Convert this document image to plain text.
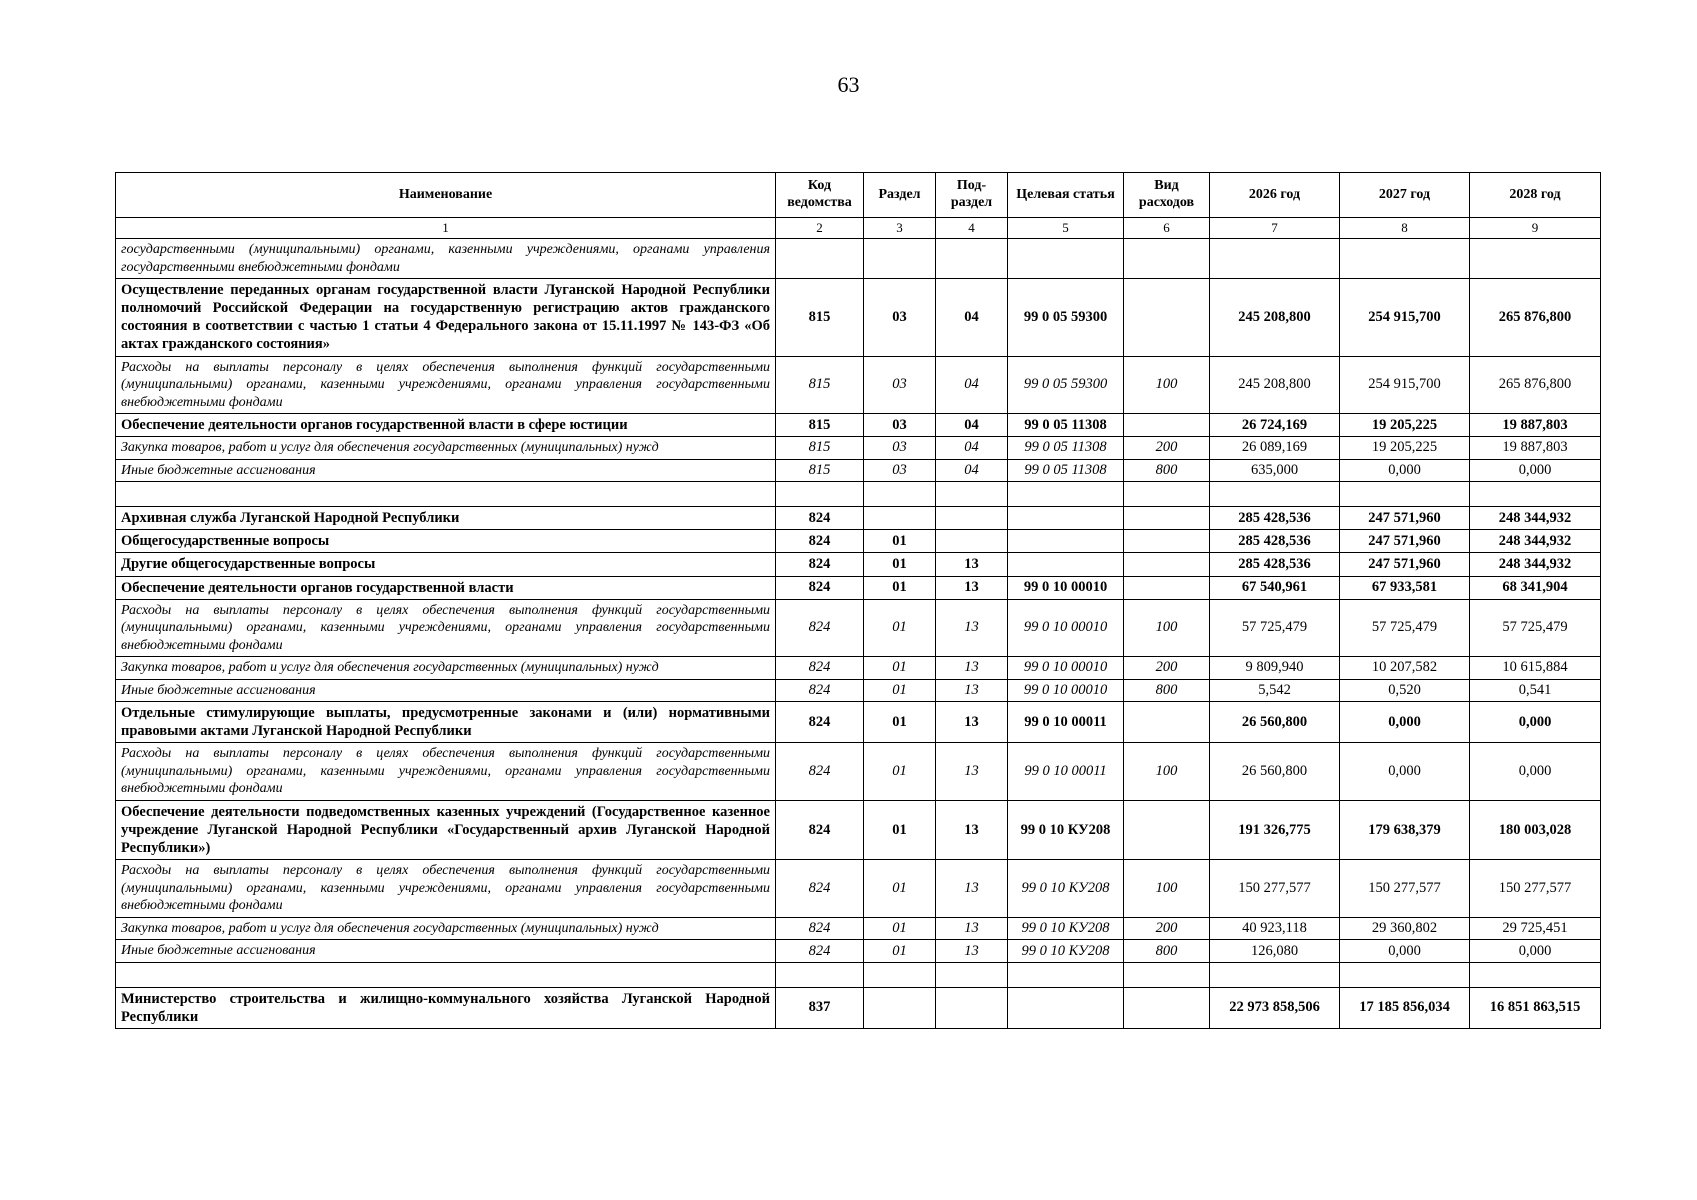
63
Наименование	Код ведомства	Раздел	Под-раздел	Целевая статья	Вид расходов	2026 год	2027 год	2028 год
1	2	3	4	5	6	7	8	9
государственными (муниципальными) органами, казенными учреждениями, органами управления государственными внебюджетными фондами								
Осуществление переданных органам государственной власти Луганской Народной Республики полномочий Российской Федерации на государственную регистрацию актов гражданского состояния в соответствии с частью 1 статьи 4 Федерального закона от 15.11.1997 № 143-ФЗ «Об актах гражданского состояния»	815	03	04	99 0 05 59300		245 208,800	254 915,700	265 876,800
Расходы на выплаты персоналу в целях обеспечения выполнения функций государственными (муниципальными) органами, казенными учреждениями, органами управления государственными внебюджетными фондами	815	03	04	99 0 05 59300	100	245 208,800	254 915,700	265 876,800
Обеспечение деятельности органов государственной власти в сфере юстиции	815	03	04	99 0 05 11308		26 724,169	19 205,225	19 887,803
Закупка товаров, работ и услуг для обеспечения государственных (муниципальных) нужд	815	03	04	99 0 05 11308	200	26 089,169	19 205,225	19 887,803
Иные бюджетные ассигнования	815	03	04	99 0 05 11308	800	635,000	0,000	0,000

Архивная служба Луганской Народной Республики	824					285 428,536	247 571,960	248 344,932
Общегосударственные вопросы	824	01				285 428,536	247 571,960	248 344,932
Другие общегосударственные вопросы	824	01	13			285 428,536	247 571,960	248 344,932
Обеспечение деятельности органов государственной власти	824	01	13	99 0 10 00010		67 540,961	67 933,581	68 341,904
Расходы на выплаты персоналу в целях обеспечения выполнения функций государственными (муниципальными) органами, казенными учреждениями, органами управления государственными внебюджетными фондами	824	01	13	99 0 10 00010	100	57 725,479	57 725,479	57 725,479
Закупка товаров, работ и услуг для обеспечения государственных (муниципальных) нужд	824	01	13	99 0 10 00010	200	9 809,940	10 207,582	10 615,884
Иные бюджетные ассигнования	824	01	13	99 0 10 00010	800	5,542	0,520	0,541
Отдельные стимулирующие выплаты, предусмотренные законами и (или) нормативными правовыми актами Луганской Народной Республики	824	01	13	99 0 10 00011		26 560,800	0,000	0,000
Расходы на выплаты персоналу в целях обеспечения выполнения функций государственными (муниципальными) органами, казенными учреждениями, органами управления государственными внебюджетными фондами	824	01	13	99 0 10 00011	100	26 560,800	0,000	0,000
Обеспечение деятельности подведомственных казенных учреждений (Государственное казенное учреждение Луганской Народной Республики «Государственный архив Луганской Народной Республики»)	824	01	13	99 0 10 КУ208		191 326,775	179 638,379	180 003,028
Расходы на выплаты персоналу в целях обеспечения выполнения функций государственными (муниципальными) органами, казенными учреждениями, органами управления государственными внебюджетными фондами	824	01	13	99 0 10 КУ208	100	150 277,577	150 277,577	150 277,577
Закупка товаров, работ и услуг для обеспечения государственных (муниципальных) нужд	824	01	13	99 0 10 КУ208	200	40 923,118	29 360,802	29 725,451
Иные бюджетные ассигнования	824	01	13	99 0 10 КУ208	800	126,080	0,000	0,000

Министерство строительства и жилищно-коммунального хозяйства Луганской Народной Республики	837					22 973 858,506	17 185 856,034	16 851 863,515
